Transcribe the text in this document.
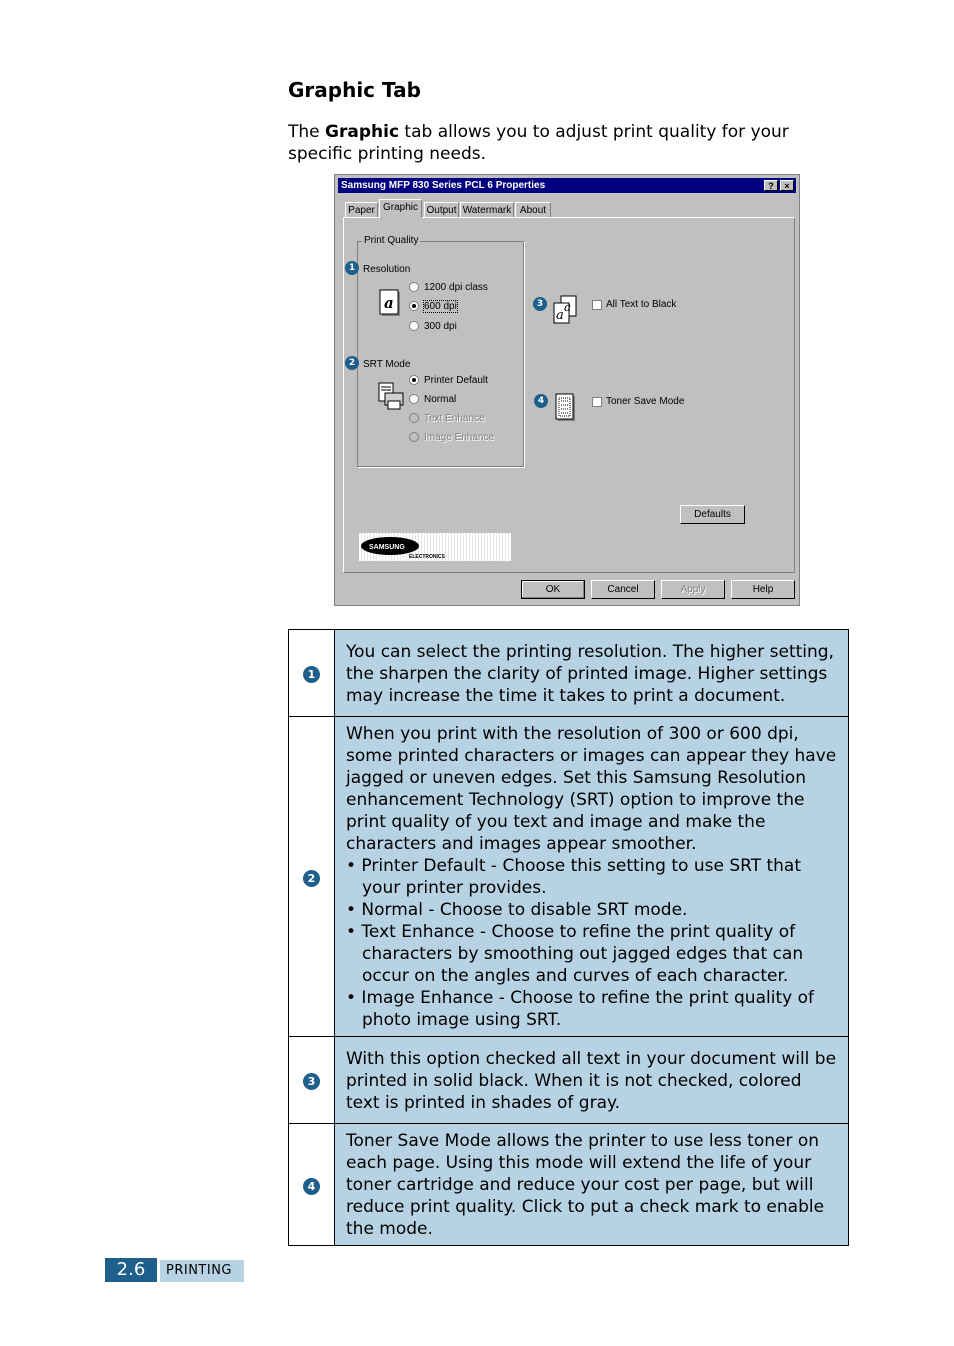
Graphic Tab
The Graphic tab allows you to adjust print quality for your specific printing needs.
Samsung MFP 830 Series PCL 6 Properties	?	×
Paper Graphic Output Watermark About
Print Quality
1 Resolution
a
1200 dpi class
600 dpi
300 dpi
2 SRT Mode
Printer Default
Normal
Text Enhance
Image Enhance
3
a
a	All Text to Black
4	Toner Save Mode
Defaults
SAMSUNG
ELECTRONICS
OK	Cancel	Apply	Help
1	You can select the printing resolution. The higher setting, the sharpen the clarity of printed image. Higher settings may increase the time it takes to print a document.

2	When you print with the resolution of 300 or 600 dpi, some printed characters or images can appear they have jagged or uneven edges. Set this Samsung Resolution enhancement Technology (SRT) option to improve the print quality of you text and image and make the characters and images appear smoother.
• Printer Default - Choose this setting to use SRT that your printer provides.
• Normal - Choose to disable SRT mode.
• Text Enhance - Choose to refine the print quality of characters by smoothing out jagged edges that can occur on the angles and curves of each character.
• Image Enhance - Choose to refine the print quality of photo image using SRT.

3	With this option checked all text in your document will be printed in solid black. When it is not checked, colored text is printed in shades of gray.

4	Toner Save Mode allows the printer to use less toner on each page. Using this mode will extend the life of your toner cartridge and reduce your cost per page, but will reduce print quality. Click to put a check mark to enable the mode.
2.6	PRINTING
